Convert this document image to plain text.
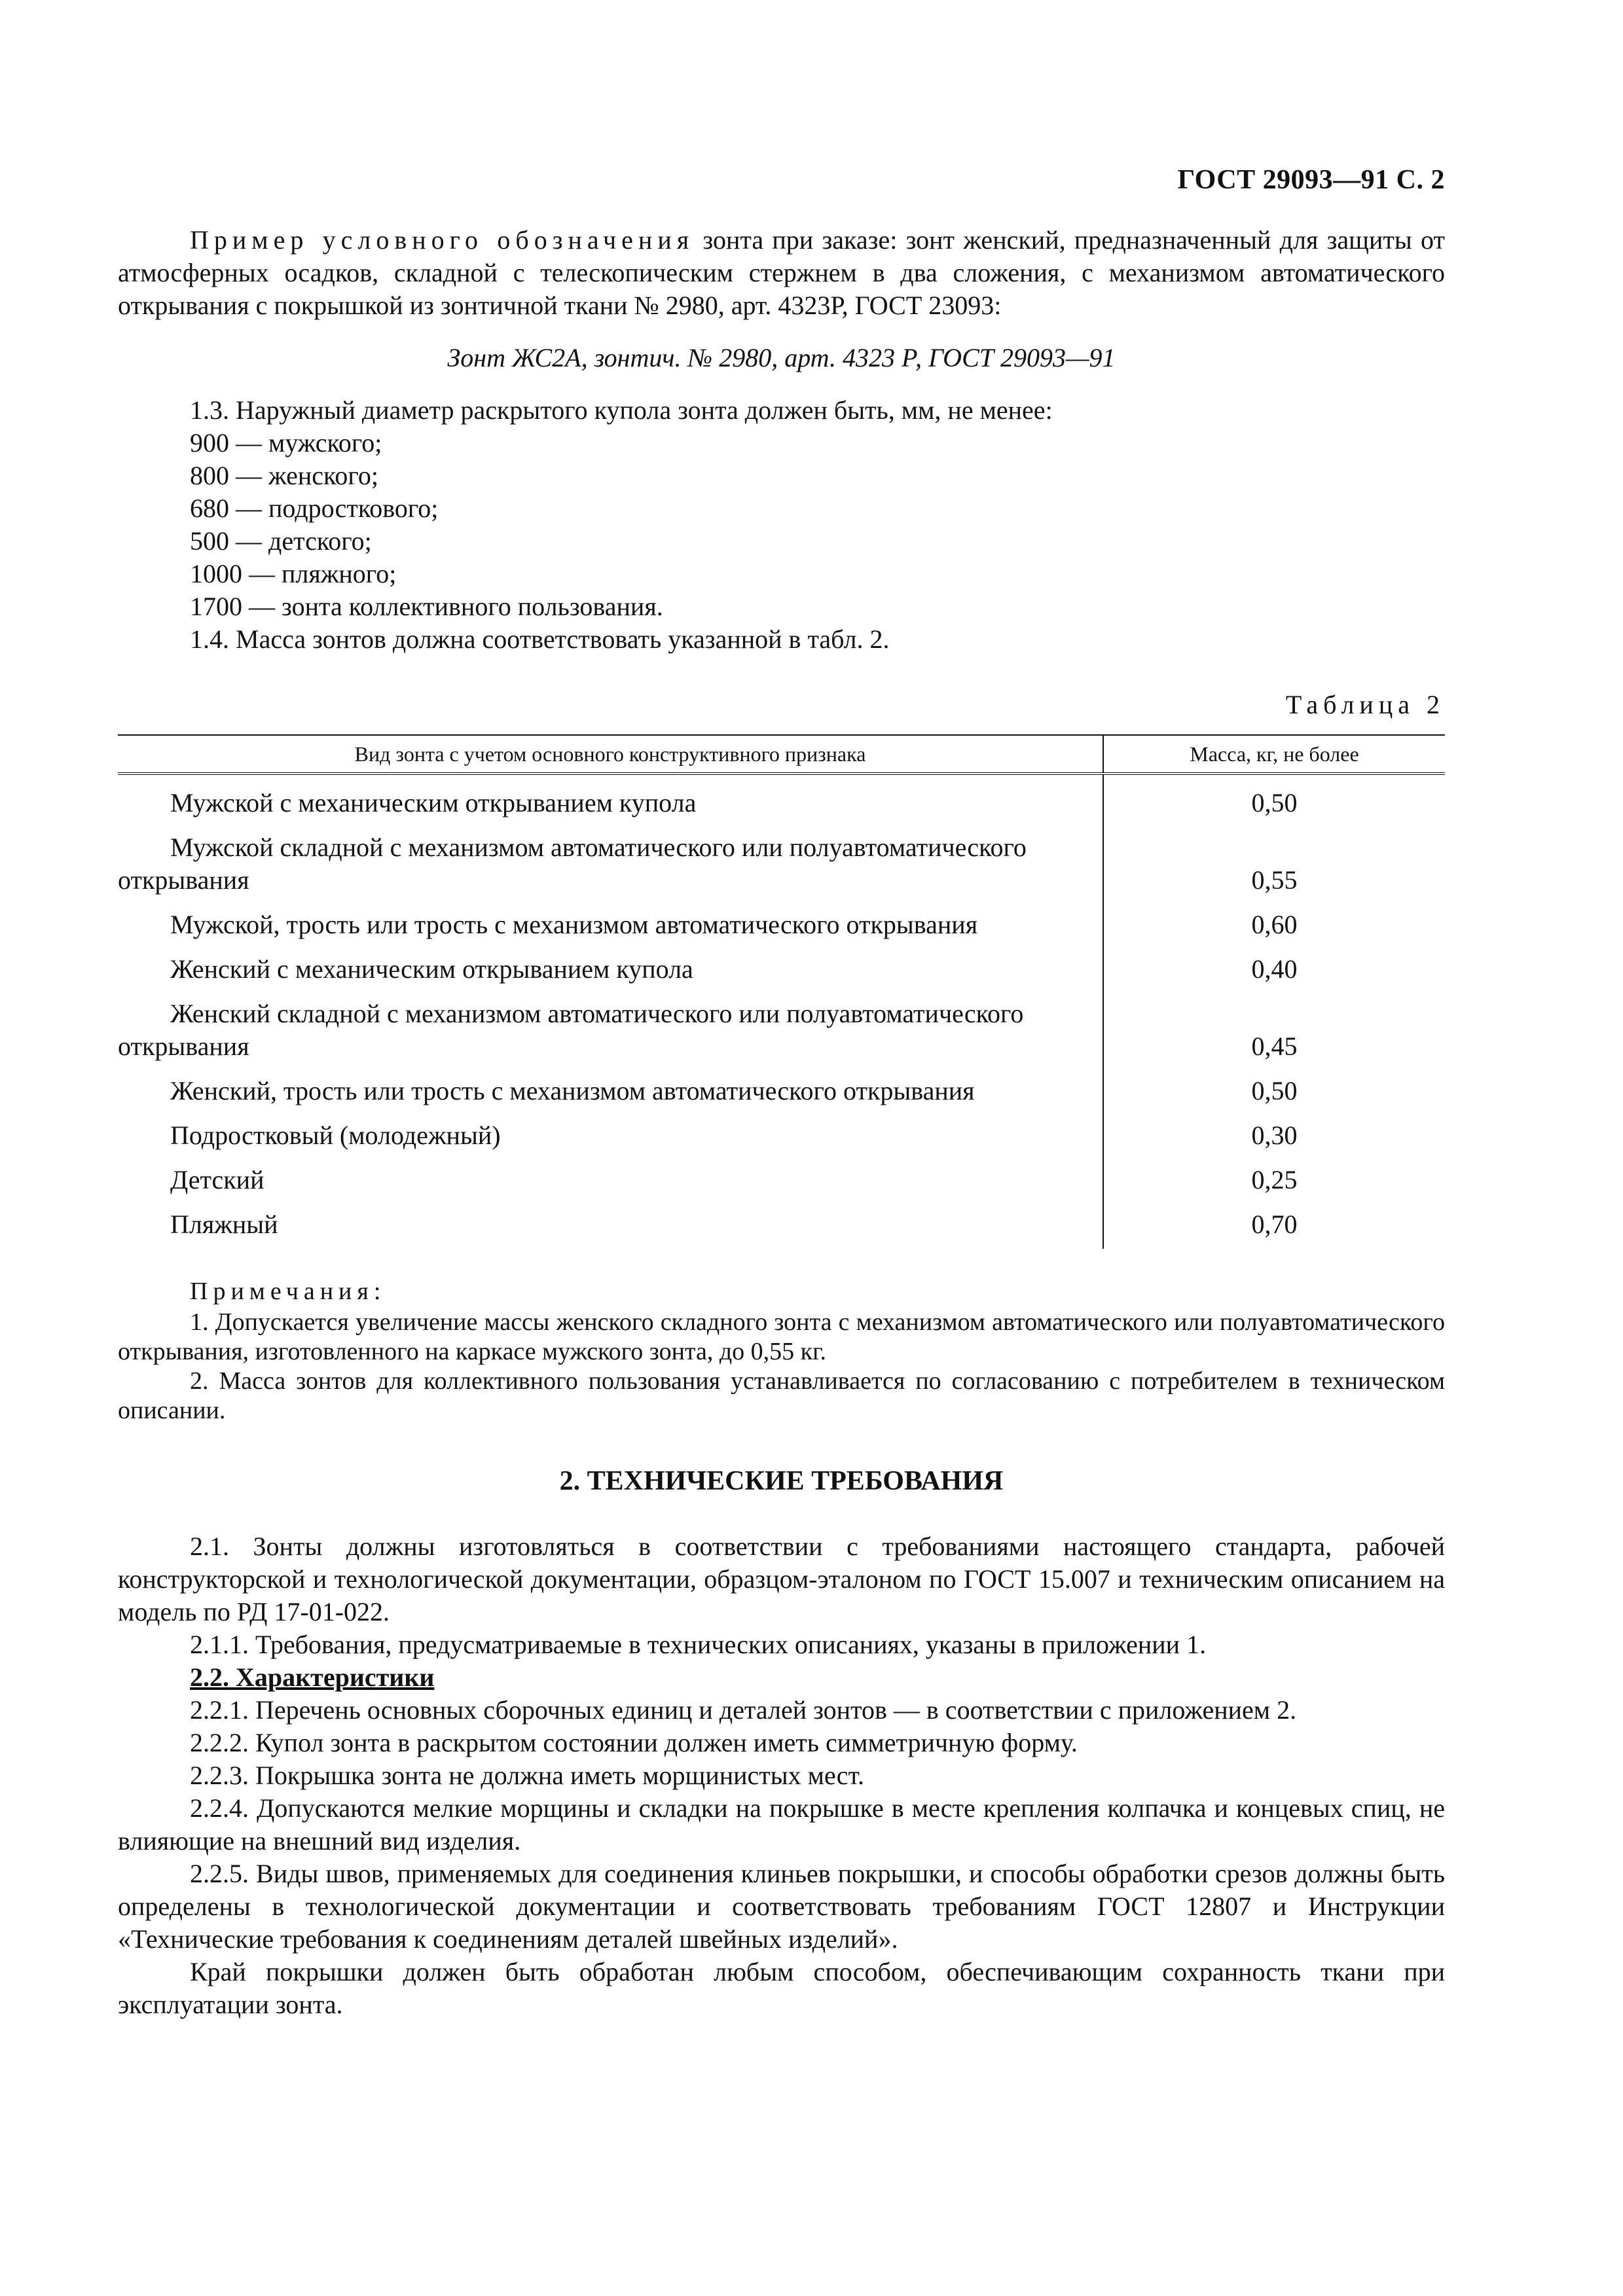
ГОСТ 29093—91 С. 2

Пример условного обозначения зонта при заказе: зонт женский, предназначенный для защиты от атмосферных осадков, складной с телескопическим стержнем в два сложения, с механизмом автоматического открывания с покрышкой из зонтичной ткани № 2980, арт. 4323Р, ГОСТ 23093:

Зонт ЖС2А, зонтич. № 2980, арт. 4323 Р, ГОСТ 29093—91

1.3. Наружный диаметр раскрытого купола зонта должен быть, мм, не менее:

900 — мужского;

800 — женского;

680 — подросткового;

500 — детского;

1000 — пляжного;

1700 — зонта коллективного пользования.

1.4. Масса зонтов должна соответствовать указанной в табл. 2.

Таблица 2

Вид зонта с учетом основного конструктивного признака	Масса, кг, не более
Мужской с механическим открыванием купола	0,50
Мужской складной с механизмом автоматического или полуавтоматического открывания	0,55
Мужской, трость или трость с механизмом автоматического открывания	0,60
Женский с механическим открыванием купола	0,40
Женский складной с механизмом автоматического или полуавтоматического открывания	0,45
Женский, трость или трость с механизмом автоматического открывания	0,50
Подростковый (молодежный)	0,30
Детский	0,25
Пляжный	0,70

Примечания:

1. Допускается увеличение массы женского складного зонта с механизмом автоматического или полуавтоматического открывания, изготовленного на каркасе мужского зонта, до 0,55 кг.

2. Масса зонтов для коллективного пользования устанавливается по согласованию с потребителем в техническом описании.

2. ТЕХНИЧЕСКИЕ ТРЕБОВАНИЯ

2.1. Зонты должны изготовляться в соответствии с требованиями настоящего стандарта, рабочей конструкторской и технологической документации, образцом-эталоном по ГОСТ 15.007 и техническим описанием на модель по РД 17-01-022.

2.1.1. Требования, предусматриваемые в технических описаниях, указаны в приложении 1.

2.2. Характеристики

2.2.1. Перечень основных сборочных единиц и деталей зонтов — в соответствии с приложением 2.

2.2.2. Купол зонта в раскрытом состоянии должен иметь симметричную форму.

2.2.3. Покрышка зонта не должна иметь морщинистых мест.

2.2.4. Допускаются мелкие морщины и складки на покрышке в месте крепления колпачка и концевых спиц, не влияющие на внешний вид изделия.

2.2.5. Виды швов, применяемых для соединения клиньев покрышки, и способы обработки срезов должны быть определены в технологической документации и соответствовать требованиям ГОСТ 12807 и Инструкции «Технические требования к соединениям деталей швейных изделий».

Край покрышки должен быть обработан любым способом, обеспечивающим сохранность ткани при эксплуатации зонта.
